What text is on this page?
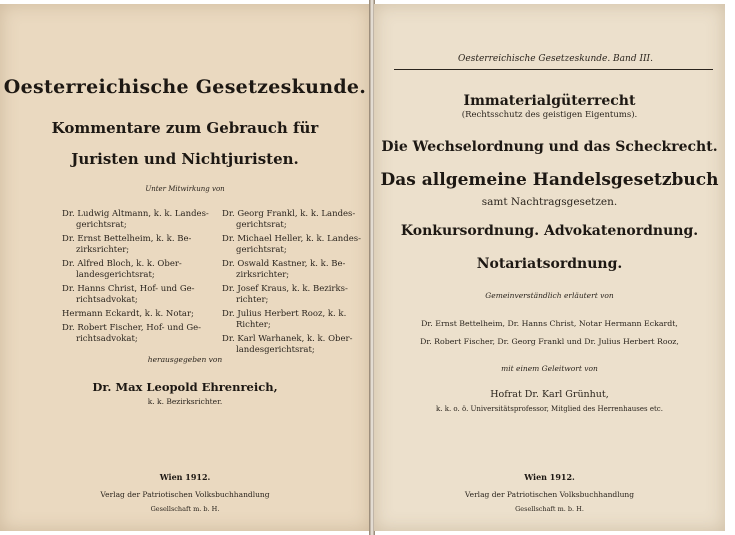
Oesterreichische Gesetzeskunde.
Kommentare zum Gebrauch für
Juristen und Nichtjuristen.
Unter Mitwirkung von
Dr. Ludwig Altmann, k. k. Landes-
gerichtsrat;
Dr. Ernst Bettelheim, k. k. Be-
zirksrichter;
Dr. Alfred Bloch, k. k. Ober-
landesgerichtsrat;
Dr. Hanns Christ, Hof- und Ge-
richtsadvokat;
Hermann Eckardt, k. k. Notar;
Dr. Robert Fischer, Hof- und Ge-
richtsadvokat;
Dr. Georg Frankl, k. k. Landes-
gerichtsrat;
Dr. Michael Heller, k. k. Landes-
gerichtsrat;
Dr. Oswald Kastner, k. k. Be-
zirksrichter;
Dr. Josef Kraus, k. k. Bezirks-
richter;
Dr. Julius Herbert Rooz, k. k.
Richter;
Dr. Karl Warhanek, k. k. Ober-
landesgerichtsrat;
herausgegeben von
Dr. Max Leopold Ehrenreich,
k. k. Bezirksrichter.
Wien 1912.
Verlag der Patriotischen Volksbuchhandlung
Gesellschaft m. b. H.
Oesterreichische Gesetzeskunde. Band III.
Immaterialgüterrecht
(Rechtsschutz des geistigen Eigentums).
Die Wechselordnung und das Scheckrecht.
Das allgemeine Handelsgesetzbuch
samt Nachtragsgesetzen.
Konkursordnung. Advokatenordnung.
Notariatsordnung.
Gemeinverständlich erläutert von
Dr. Ernst Bettelheim, Dr. Hanns Christ, Notar Hermann Eckardt,
Dr. Robert Fischer, Dr. Georg Frankl und Dr. Julius Herbert Rooz,
mit einem Geleitwort von
Hofrat Dr. Karl Grünhut,
k. k. o. ö. Universitätsprofessor, Mitglied des Herrenhauses etc.
Wien 1912.
Verlag der Patriotischen Volksbuchhandlung
Gesellschaft m. b. H.
